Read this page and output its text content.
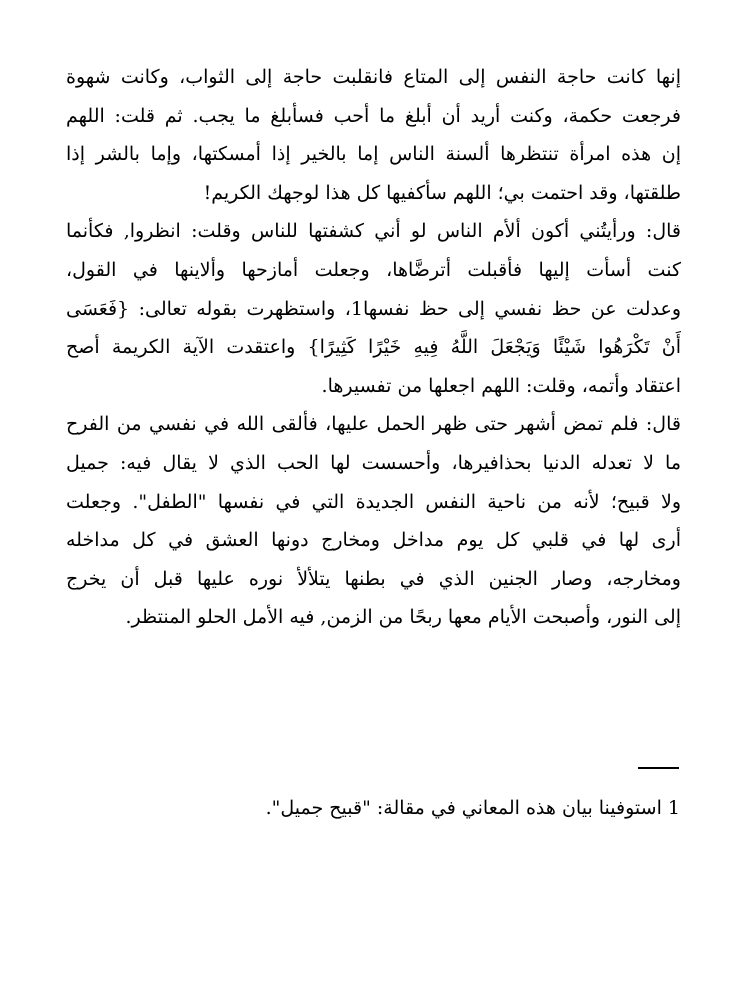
إنها كانت حاجة النفس إلى المتاع فانقلبت حاجة إلى الثواب، وكانت شهوة
فرجعت حكمة، وكنت أريد أن أبلغ ما أحب فسأبلغ ما يجب. ثم قلت: اللهم
إن هذه امرأة تنتظرها ألسنة الناس إما بالخير إذا أمسكتها، وإما بالشر إذا
طلقتها، وقد احتمت بي؛ اللهم سأكفيها كل هذا لوجهك الكريم!
قال: ورأيتُني أكون ألأم الناس لو أني كشفتها للناس وقلت: انظروا, فكأنما
كنت أسأت إليها فأقبلت أترضَّاها، وجعلت أمازحها وألاينها في القول،
وعدلت عن حظ نفسي إلى حظ نفسها1، واستظهرت بقوله تعالى: {فَعَسَى
أَنْ تَكْرَهُوا شَيْئًا وَيَجْعَلَ اللَّهُ فِيهِ خَيْرًا كَثِيرًا} واعتقدت الآية الكريمة أصح
اعتقاد وأتمه، وقلت: اللهم اجعلها من تفسيرها.
قال: فلم تمض أشهر حتى ظهر الحمل عليها، فألقى الله في نفسي من الفرح
ما لا تعدله الدنيا بحذافيرها، وأحسست لها الحب الذي لا يقال فيه: جميل
ولا قبيح؛ لأنه من ناحية النفس الجديدة التي في نفسها "الطفل". وجعلت
أرى لها في قلبي كل يوم مداخل ومخارج دونها العشق في كل مداخله
ومخارجه، وصار الجنين الذي في بطنها يتلألأ نوره عليها قبل أن يخرج
إلى النور، وأصبحت الأيام معها ربحًا من الزمن, فيه الأمل الحلو المنتظر.
1 استوفينا بيان هذه المعاني في مقالة: "قبيح جميل".
